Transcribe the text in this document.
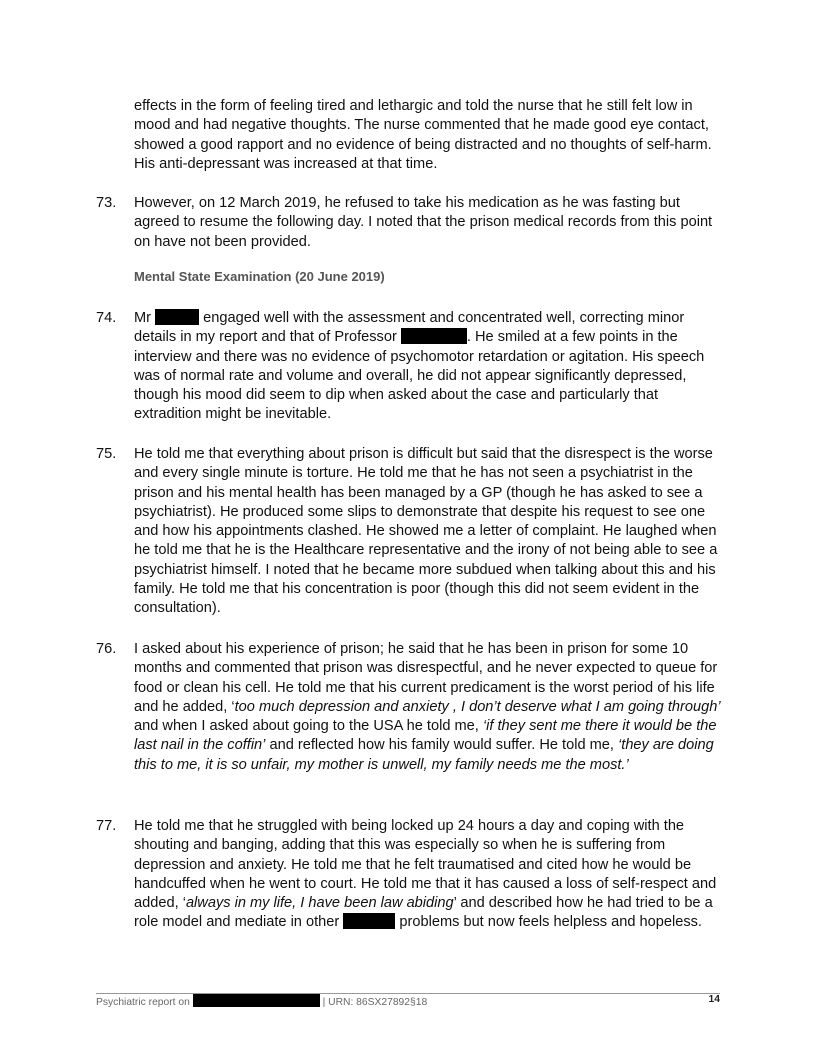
effects in the form of feeling tired and lethargic and told the nurse that he still felt low in mood and had negative thoughts. The nurse commented that he made good eye contact, showed a good rapport and no evidence of being distracted and no thoughts of self-harm. His anti-depressant was increased at that time.
73.	However, on 12 March 2019, he refused to take his medication as he was fasting but agreed to resume the following day. I noted that the prison medical records from this point on have not been provided.
Mental State Examination (20 June 2019)
74.	Mr	engaged well with the assessment and concentrated well, correcting minor details in my report and that of Professor	. He smiled at a few points in the interview and there was no evidence of psychomotor retardation or agitation. His speech was of normal rate and volume and overall, he did not appear significantly depressed, though his mood did seem to dip when asked about the case and particularly that extradition might be inevitable.
75.	He told me that everything about prison is difficult but said that the disrespect is the worse and every single minute is torture. He told me that he has not seen a psychiatrist in the prison and his mental health has been managed by a GP (though he has asked to see a psychiatrist). He produced some slips to demonstrate that despite his request to see one and how his appointments clashed. He showed me a letter of complaint. He laughed when he told me that he is the Healthcare representative and the irony of not being able to see a psychiatrist himself. I noted that he became more subdued when talking about this and his family. He told me that his concentration is poor (though this did not seem evident in the consultation).
76.	I asked about his experience of prison; he said that he has been in prison for some 10 months and commented that prison was disrespectful, and he never expected to queue for food or clean his cell. He told me that his current predicament is the worst period of his life and he added, ‘too much depression and anxiety , I don’t deserve what I am going through’ and when I asked about going to the USA he told me, ‘if they sent me there it would be the last nail in the coffin’ and reflected how his family would suffer. He told me, ‘they are doing this to me, it is so unfair, my mother is unwell, my family needs me the most.’
77.	He told me that he struggled with being locked up 24 hours a day and coping with the shouting and banging, adding that this was especially so when he is suffering from depression and anxiety. He told me that he felt traumatised and cited how he would be handcuffed when he went to court. He told me that it has caused a loss of self-respect and added, ‘always in my life, I have been law abiding’ and described how he had tried to be a role model and mediate in other	problems but now feels helpless and hopeless.
Psychiatric report on	| URN: 86SX27892§18	14
